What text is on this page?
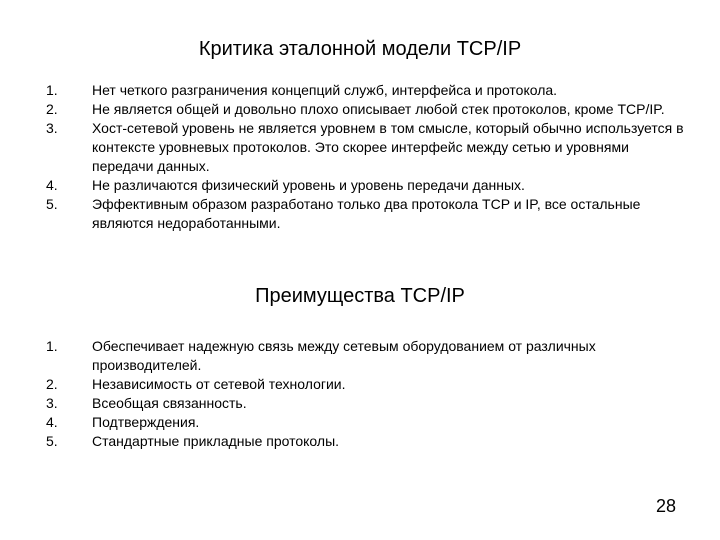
Критика эталонной модели TCP/IP
1. Нет четкого разграничения концепций служб, интерфейса и протокола.
2. Не является общей и довольно плохо описывает любой стек протоколов, кроме TCP/IP.
3. Хост-сетевой уровень не является уровнем в том смысле, который обычно используется в контексте уровневых протоколов. Это скорее интерфейс между сетью и уровнями передачи данных.
4. Не различаются физический уровень и уровень передачи данных.
5. Эффективным образом разработано только два протокола TCP и IP, все остальные являются недоработанными.
Преимущества TCP/IP
1. Обеспечивает надежную связь между сетевым оборудованием от различных производителей.
2. Независимость от сетевой технологии.
3. Всеобщая связанность.
4. Подтверждения.
5. Стандартные прикладные протоколы.
28
